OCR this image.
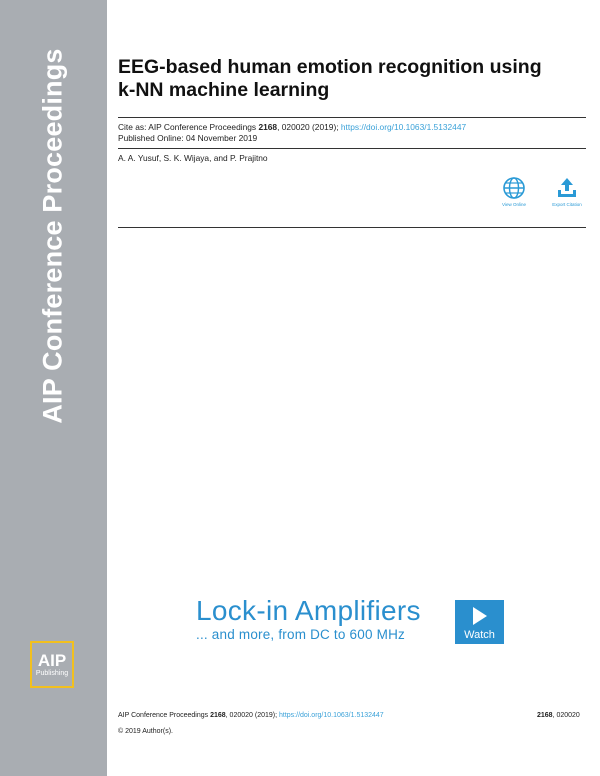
AIP Conference Proceedings
AIP
Publishing
EEG-based human emotion recognition using k-NN machine learning
Cite as: AIP Conference Proceedings 2168, 020020 (2019); https://doi.org/10.1063/1.5132447
Published Online: 04 November 2019
A. A. Yusuf, S. K. Wijaya, and P. Prajitno
View Online	Export Citation
Lock-in Amplifiers
... and more, from DC to 600 MHz	Watch
AIP Conference Proceedings 2168, 020020 (2019); https://doi.org/10.1063/1.5132447	2168, 020020
© 2019 Author(s).
